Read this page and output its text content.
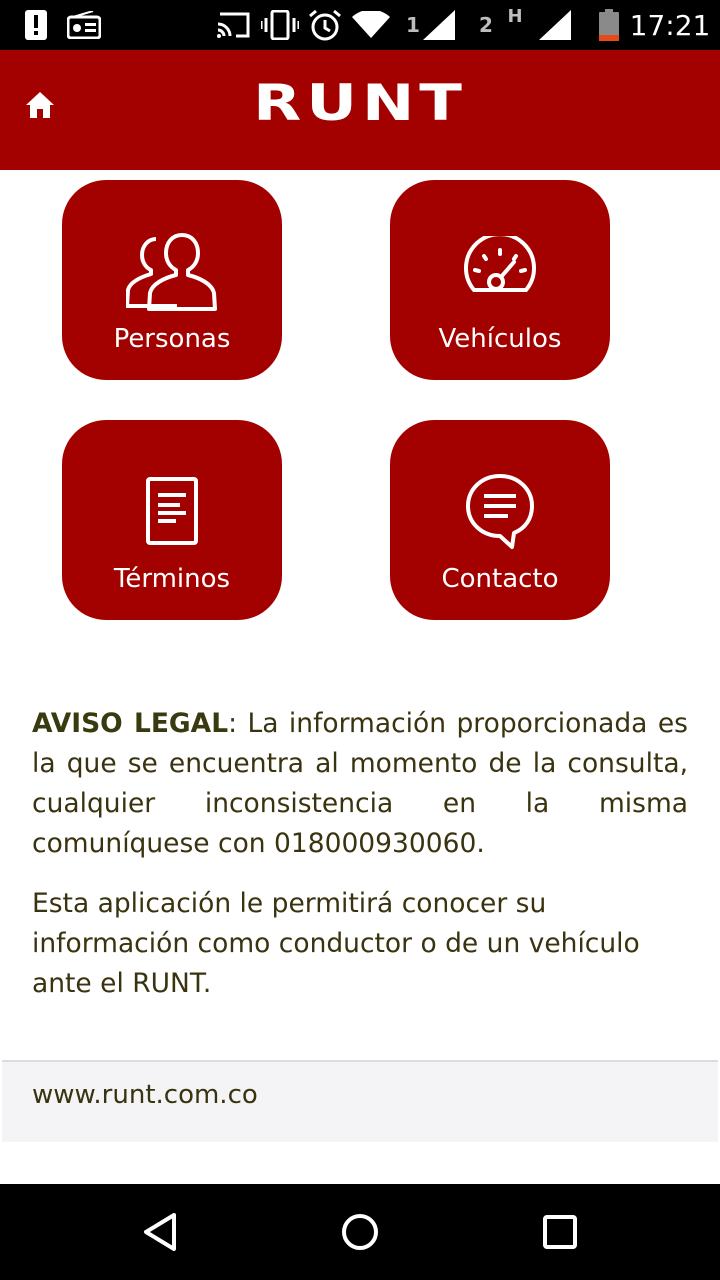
1	2 H	17:21
RUNT
Personas	Vehículos
Términos	Contacto
AVISO LEGAL: La información proporcionada es la que se encuentra al momento de la consulta, cualquier inconsistencia en la misma comuníquese con 018000930060.
Esta aplicación le permitirá conocer su información como conductor o de un vehículo ante el RUNT.
www.runt.com.co
